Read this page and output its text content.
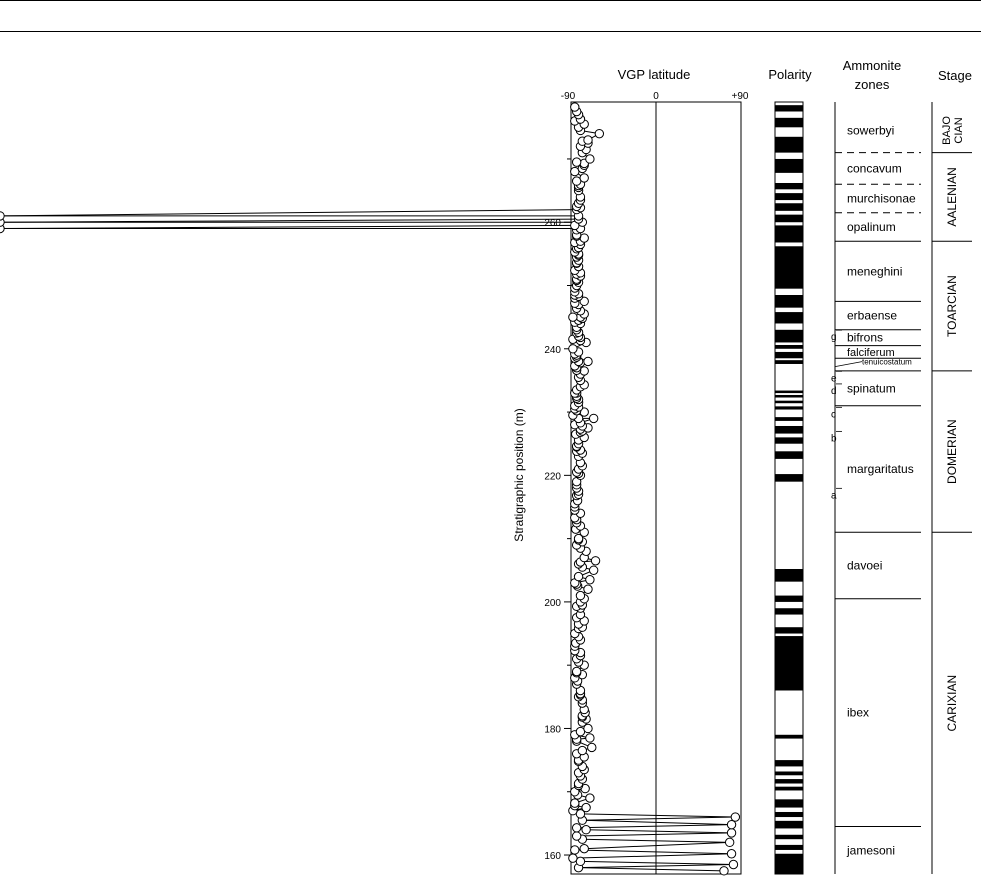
VGP latitude	Polarity
Ammonite
zones
Stage
-90	0	+90
Stratigraphic position (m)
160
180
200
220
240
260
sowerbyi
concavum
murchisonae
opalinum
meneghini
erbaense
bifrons
falciferum
tenuicostatum
spinatum
margaritatus
davoei
ibex
jamesoni
g
e
d
c
b
a
BAJO CIAN
AALENIAN
TOARCIAN
DOMERIAN
CARIXIAN
